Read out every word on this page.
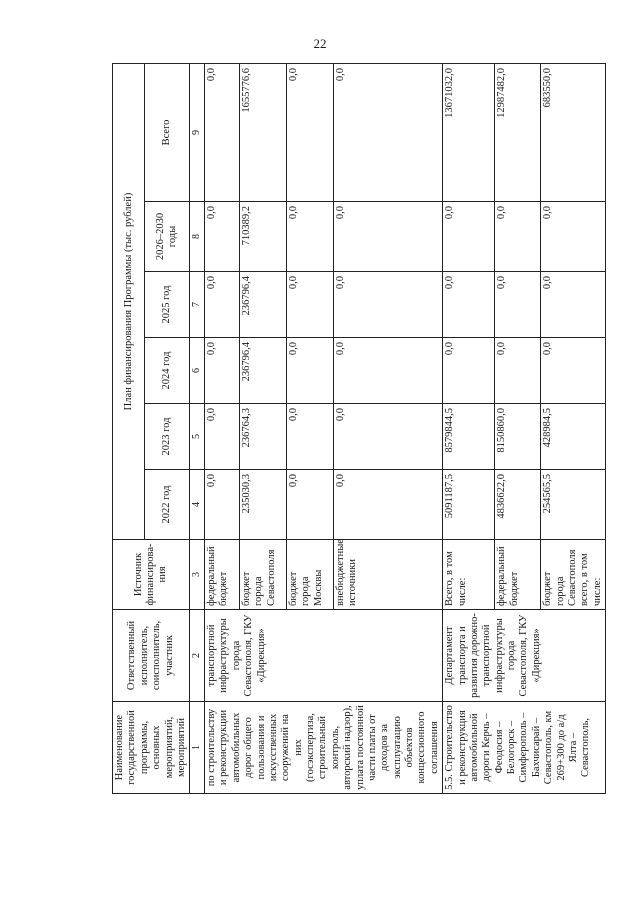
22
Наименование государственной программы, основных мероприятий, мероприятий	Ответственный исполнитель, соисполнитель, участник	Источник финансирова-ния	План финансирования Программы (тыс. рублей)					
			2022 год	2023 год	2024 год	2025 год	2026–2030 годы	Всего
1	2	3	4	5	6	7	8	9
по строительству и реконструкции автомобильных дорог общего пользования и искусственных сооружений на них (госэкспертиза, строительный контроль, авторский надзор), уплата постоянной части платы от доходов за эксплуатацию объектов концессионного соглашения	транспортной инфраструктуры города Севастополя, ГКУ «Дирекция»	федеральный бюджет	0,0	0,0	0,0	0,0	0,0	0,0
		бюджет города Севастополя	235030,3	236764,3	236796,4	236796,4	710389,2	1655776,6
		бюджет города Москвы	0,0	0,0	0,0	0,0	0,0	0,0
		внебюджетные источники	0,0	0,0	0,0	0,0	0,0	0,0
5.5. Строительство и реконструкция автомобильной дороги Керчь – Феодосия – Белогорск – Симферополь – Бахчисарай – Севастополь, км 269+300 до а/д Ялта – Севастополь,	Департамент транспорта и развития дорожно-транспортной инфраструктуры города Севастополя, ГКУ «Дирекция»	Всего, в том числе:	5091187,5	8579844,5	0,0	0,0	0,0	13671032,0
		федеральный бюджет	4836622,0	8150860,0	0,0	0,0	0,0	12987482,0
		бюджет города Севастополя всего, в том числе:	254565,5	428984,5	0,0	0,0	0,0	683550,0
